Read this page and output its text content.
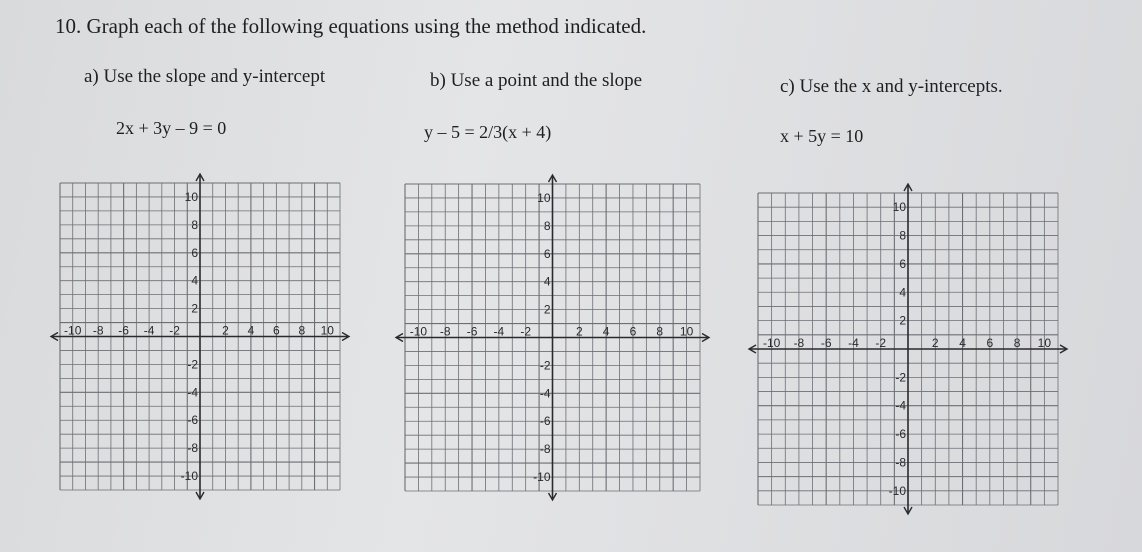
10. Graph each of the following equations using the method indicated.
a) Use the slope and y-intercept	b) Use a point and the slope	c) Use the x and y-intercepts.
2x + 3y – 9 = 0	y – 5 = 2/3(x + 4)	x + 5y = 10
-10 -8 -6 -4 -2	2 4 6 8 10
10
8
6
4
2
-2
-4
-6
-8
-10
-10 -8 -6 -4 -2	2 4 6 8 10
10
8
6
4
2
-2
-4
-6
-8
-10
-10 -8 -6 -4 -2	2 4 6 8 10
10
8
6
4
2
-2
-4
-6
-8
-10
